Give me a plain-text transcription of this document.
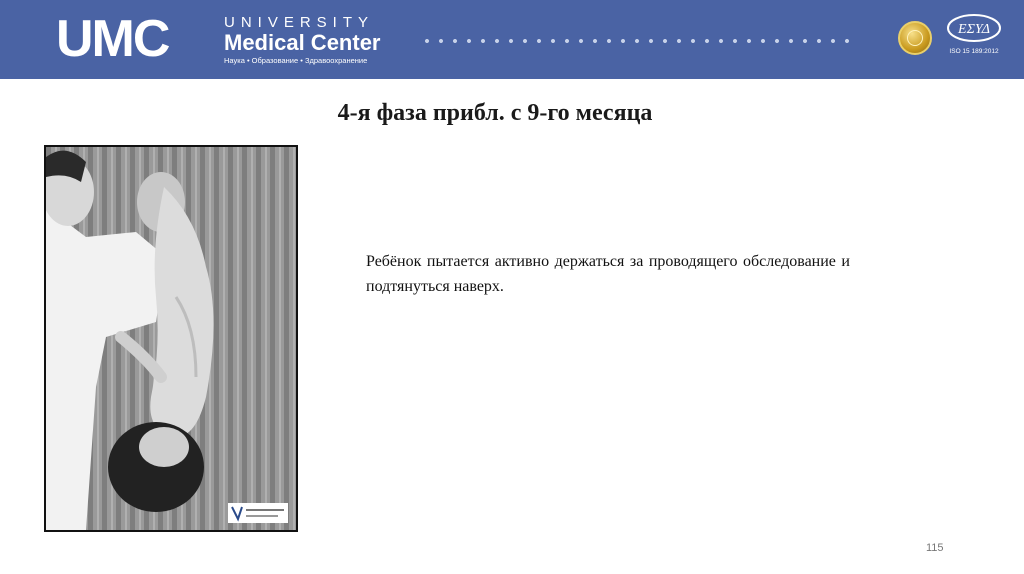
UMC	UNIVERSITY
Medical Center
Наука • Образование • Здравоохранение
ΕΣΥΔ
ISO 15 189:2012
4-я фаза прибл. с 9-го месяца
Ребёнок пытается активно держаться за проводящего обследование и подтянуться наверх.
115
